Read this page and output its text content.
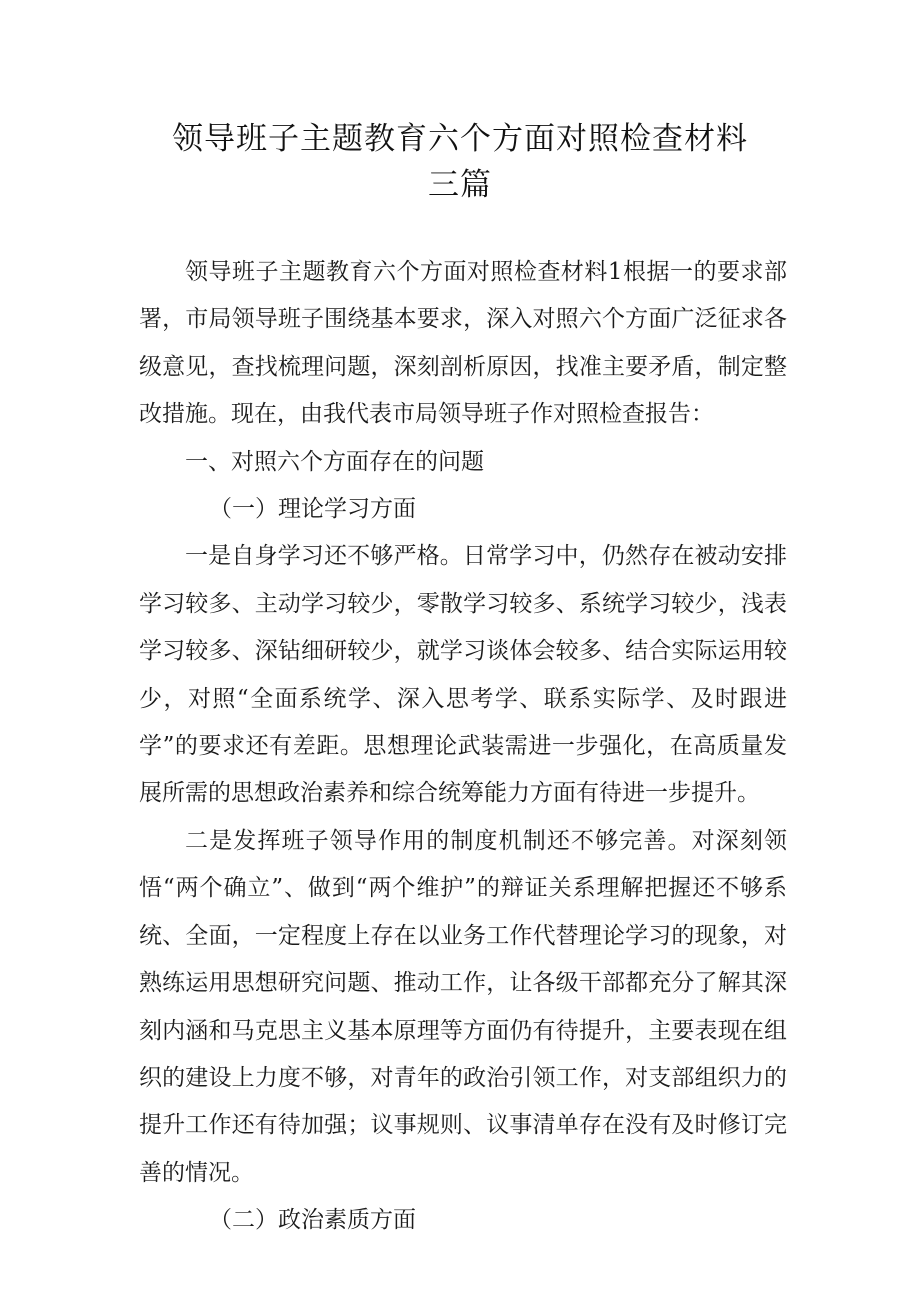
领导班子主题教育六个方面对照检查材料
三篇

领导班子主题教育六个方面对照检查材料1根据一的要求部署，市局领导班子围绕基本要求，深入对照六个方面广泛征求各级意见，查找梳理问题，深刻剖析原因，找准主要矛盾，制定整改措施。现在，由我代表市局领导班子作对照检查报告：

一、对照六个方面存在的问题

（一）理论学习方面

一是自身学习还不够严格。日常学习中，仍然存在被动安排学习较多、主动学习较少，零散学习较多、系统学习较少，浅表学习较多、深钻细研较少，就学习谈体会较多、结合实际运用较少，对照“全面系统学、深入思考学、联系实际学、及时跟进学”的要求还有差距。思想理论武装需进一步强化，在高质量发展所需的思想政治素养和综合统筹能力方面有待进一步提升。

二是发挥班子领导作用的制度机制还不够完善。对深刻领悟“两个确立”、做到“两个维护”的辩证关系理解把握还不够系统、全面，一定程度上存在以业务工作代替理论学习的现象，对熟练运用思想研究问题、推动工作，让各级干部都充分了解其深刻内涵和马克思主义基本原理等方面仍有待提升，主要表现在组织的建设上力度不够，对青年的政治引领工作，对支部组织力的提升工作还有待加强；议事规则、议事清单存在没有及时修订完善的情况。

（二）政治素质方面
